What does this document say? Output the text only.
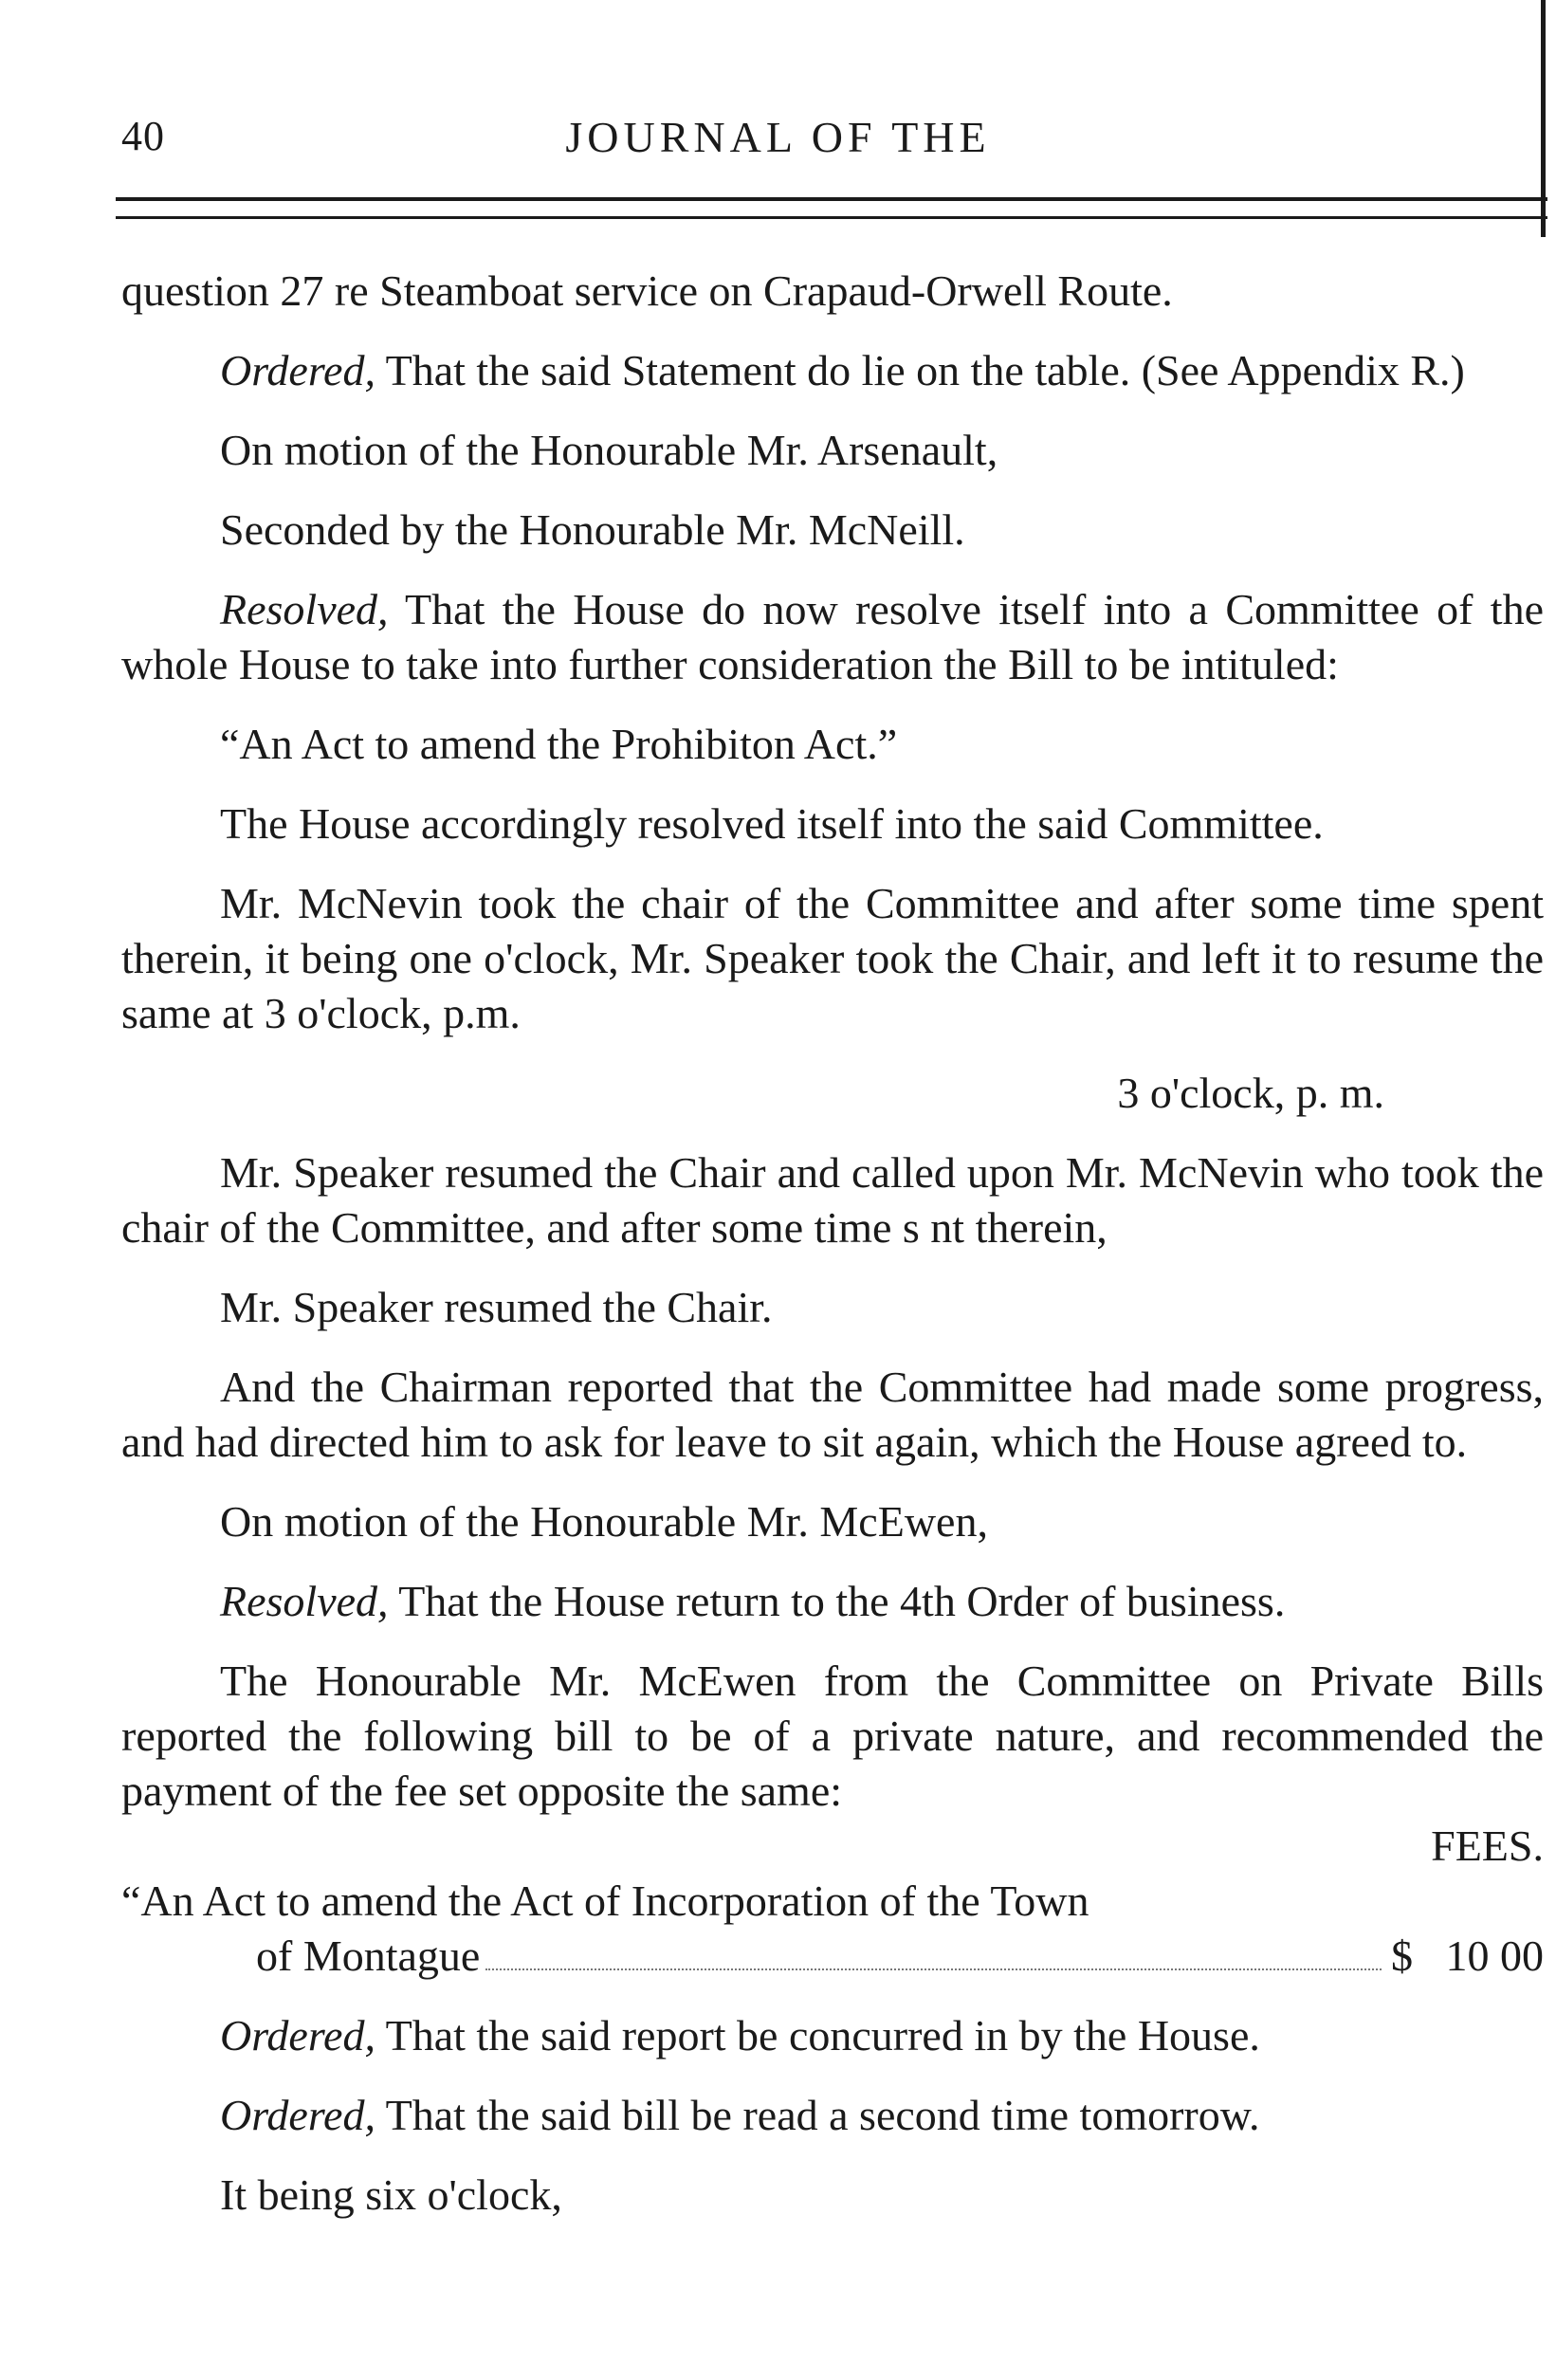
40	JOURNAL OF THE

question 27 re Steamboat service on Crapaud-Orwell Route.

Ordered, That the said Statement do lie on the table. (See Appendix R.)

On motion of the Honourable Mr. Arsenault,

Seconded by the Honourable Mr. McNeill.

Resolved, That the House do now resolve itself into a Committee of the whole House to take into further consideration the Bill to be intituled:

“An Act to amend the Prohibiton Act.”

The House accordingly resolved itself into the said Committee.

Mr. McNevin took the chair of the Committee and after some time spent therein, it being one o'clock, Mr. Speaker took the Chair, and left it to resume the same at 3 o'clock, p.m.

3 o'clock, p. m.

Mr. Speaker resumed the Chair and called upon Mr. McNevin who took the chair of the Committee, and after some time s nt therein,

Mr. Speaker resumed the Chair.

And the Chairman reported that the Committee had made some progress, and had directed him to ask for leave to sit again, which the House agreed to.

On motion of the Honourable Mr. McEwen,

Resolved, That the House return to the 4th Order of business.

The Honourable Mr. McEwen from the Committee on Private Bills reported the following bill to be of a private nature, and recommended the payment of the fee set opposite the same:

FEES.

“An Act to amend the Act of Incorporation of the Town

of Montague	$   10 00

Ordered, That the said report be concurred in by the House.

Ordered, That the said bill be read a second time tomorrow.

It being six o'clock,
